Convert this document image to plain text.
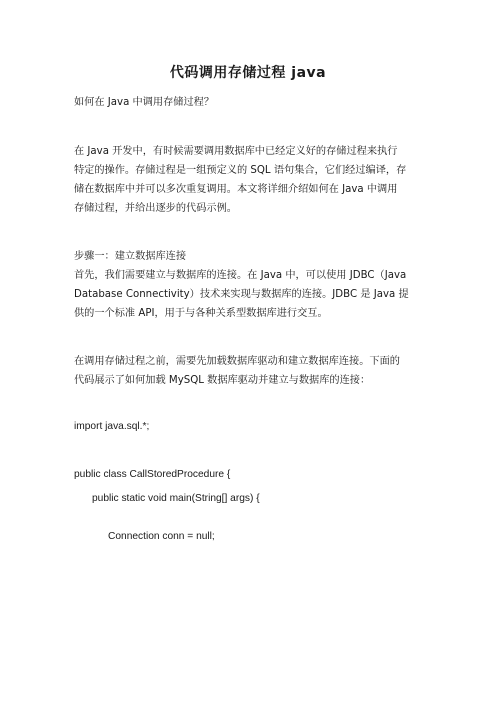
代码调用存储过程 java

如何在 Java 中调用存储过程？

在 Java 开发中，有时候需要调用数据库中已经定义好的存储过程来执行

特定的操作。存储过程是一组预定义的 SQL 语句集合，它们经过编译，存

储在数据库中并可以多次重复调用。本文将详细介绍如何在 Java 中调用

存储过程，并给出逐步的代码示例。

步骤一：建立数据库连接

首先，我们需要建立与数据库的连接。在 Java 中，可以使用 JDBC（Java

Database Connectivity）技术来实现与数据库的连接。JDBC 是 Java 提

供的一个标准 API，用于与各种关系型数据库进行交互。

在调用存储过程之前，需要先加载数据库驱动和建立数据库连接。下面的

代码展示了如何加载 MySQL 数据库驱动并建立与数据库的连接：

import java.sql.*;

public class CallStoredProcedure {

public static void main(String[] args) {

Connection conn = null;
